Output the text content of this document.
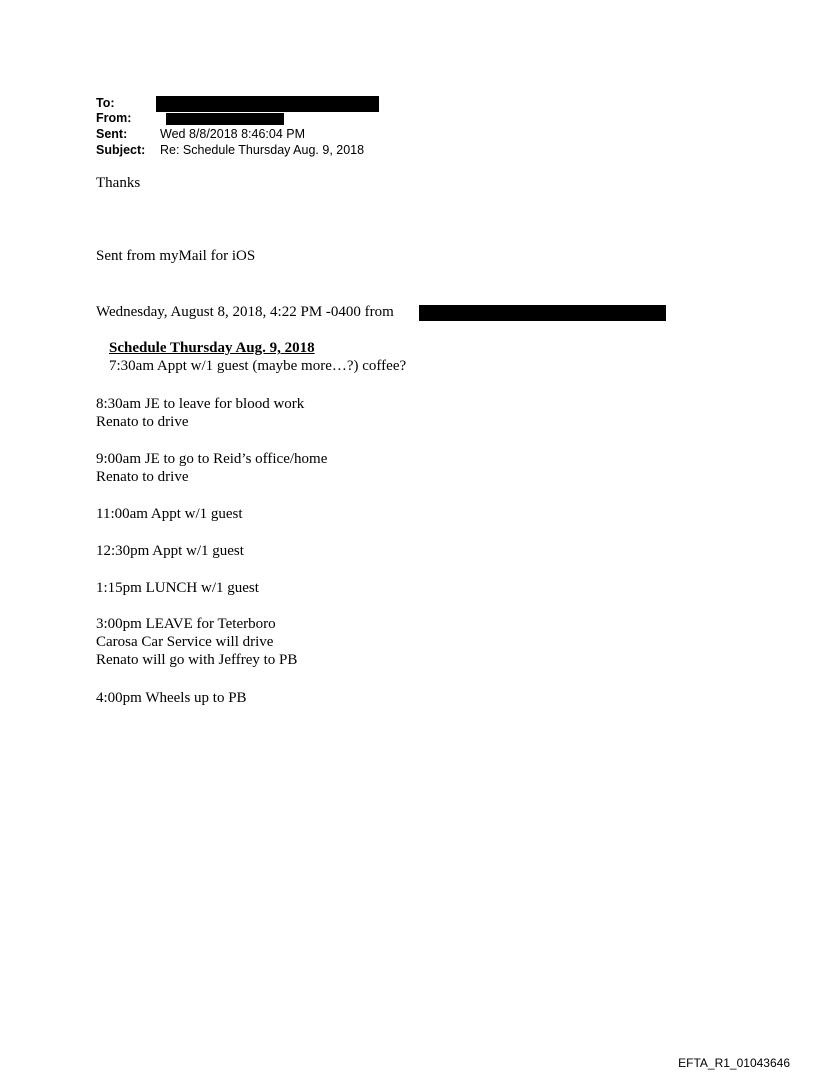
To:
From:
Sent:	Wed 8/8/2018 8:46:04 PM
Subject: Re: Schedule Thursday Aug. 9, 2018
Thanks
Sent from myMail for iOS
Wednesday, August 8, 2018, 4:22 PM -0400 from
Schedule Thursday Aug. 9, 2018
7:30am Appt w/1 guest (maybe more…?) coffee?
8:30am JE to leave for blood work
Renato to drive
9:00am JE to go to Reid’s office/home
Renato to drive
11:00am Appt w/1 guest
12:30pm Appt w/1 guest
1:15pm LUNCH w/1 guest
3:00pm LEAVE for Teterboro
Carosa Car Service will drive
Renato will go with Jeffrey to PB
4:00pm Wheels up to PB
EFTA_R1_01043646
